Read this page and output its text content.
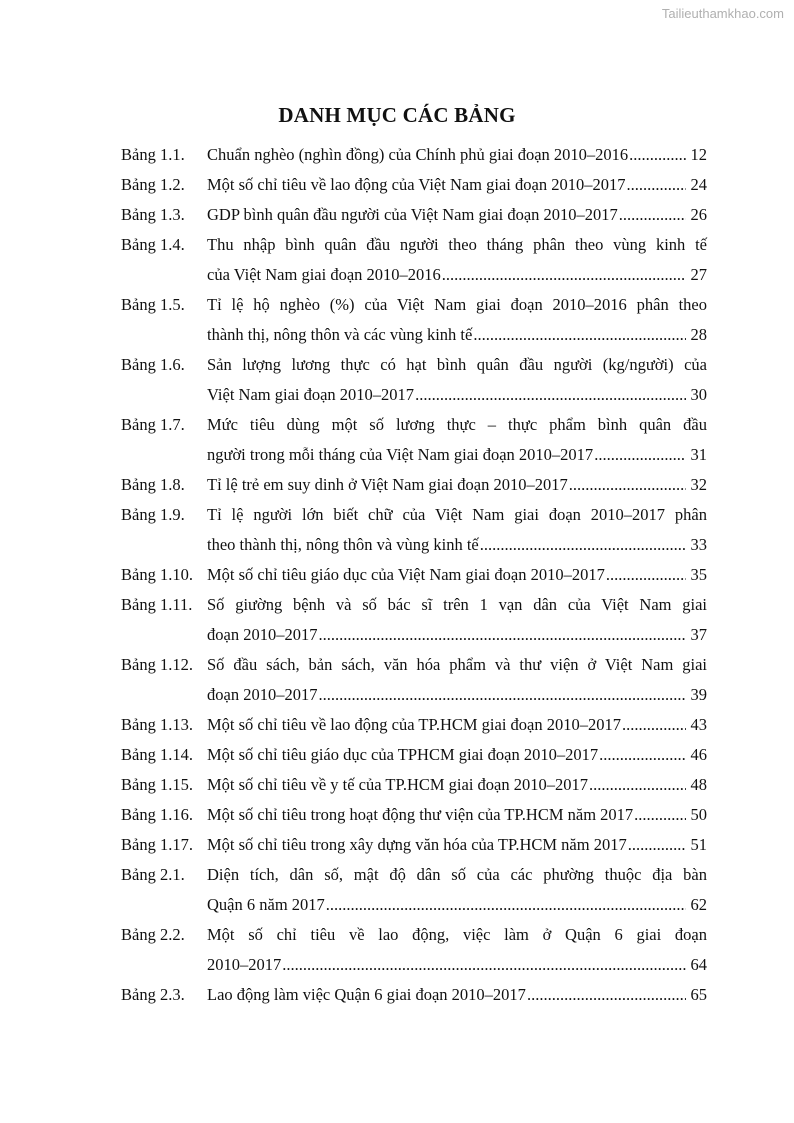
Tailieuthamkhao.com
DANH MỤC CÁC BẢNG
Bảng 1.1.	Chuẩn nghèo (nghìn đồng) của Chính phủ giai đoạn 2010–2016 .....	12
Bảng 1.2.	Một số chỉ tiêu về lao động của Việt Nam giai đoạn 2010–2017 .....	24
Bảng 1.3.	GDP bình quân đầu người của Việt Nam giai đoạn 2010–2017 .....	26
Bảng 1.4.	Thu nhập bình quân đầu người theo tháng phân theo vùng kinh tế
của Việt Nam giai đoạn 2010–2016 .....	27
Bảng 1.5.	Tỉ lệ hộ nghèo (%) của Việt Nam giai đoạn 2010–2016 phân theo
thành thị, nông thôn và các vùng kinh tế .....	28
Bảng 1.6.	Sản lượng lương thực có hạt bình quân đầu người (kg/người) của
Việt Nam giai đoạn 2010–2017 .....	30
Bảng 1.7.	Mức tiêu dùng một số lương thực – thực phẩm bình quân đầu
người trong mỗi tháng của Việt Nam giai đoạn 2010–2017 .....	31
Bảng 1.8.	Tỉ lệ trẻ em suy dinh ở Việt Nam giai đoạn 2010–2017 .....	32
Bảng 1.9.	Tỉ lệ người lớn biết chữ của Việt Nam giai đoạn 2010–2017 phân
theo thành thị, nông thôn và vùng kinh tế .....	33
Bảng 1.10. Một số chỉ tiêu giáo dục của Việt Nam giai đoạn 2010–2017 .....	35
Bảng 1.11. Số giường bệnh và số bác sĩ trên 1 vạn dân của Việt Nam giai
đoạn 2010–2017 .....	37
Bảng 1.12. Số đầu sách, bản sách, văn hóa phẩm và thư viện ở Việt Nam giai
đoạn 2010–2017 .....	39
Bảng 1.13. Một số chỉ tiêu về lao động của TP.HCM giai đoạn 2010–2017 .....	43
Bảng 1.14. Một số chỉ tiêu giáo dục của TPHCM giai đoạn 2010–2017 .....	46
Bảng 1.15. Một số chỉ tiêu về y tế của TP.HCM giai đoạn 2010–2017 .....	48
Bảng 1.16. Một số chỉ tiêu trong hoạt động thư viện của TP.HCM năm 2017 .....	50
Bảng 1.17. Một số chỉ tiêu trong xây dựng văn hóa của TP.HCM năm 2017 .....	51
Bảng 2.1.	Diện tích, dân số, mật độ dân số của các phường thuộc địa bàn
Quận 6 năm 2017 .....	62
Bảng 2.2.	Một số chỉ tiêu về lao động, việc làm ở Quận 6 giai đoạn
2010–2017 .....	64
Bảng 2.3.	Lao động làm việc Quận 6 giai đoạn 2010–2017 .....	65
